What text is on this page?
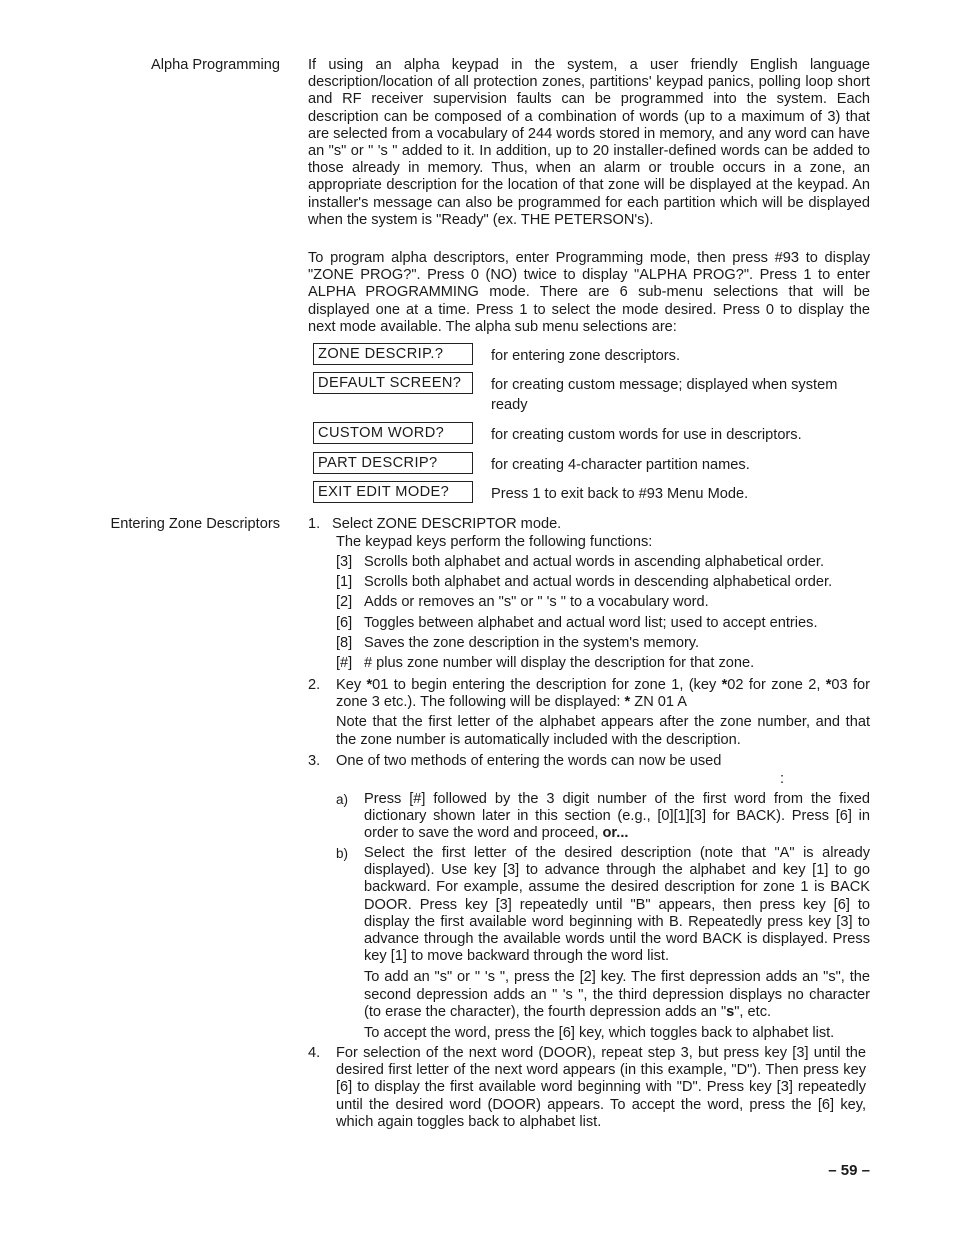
Alpha Programming
Entering Zone Descriptors

If using an alpha keypad in the system, a user friendly English language description/location of all protection zones, partitions' keypad panics, polling loop short and RF receiver supervision faults can be programmed into the system. Each description can be composed of a combination of words (up to a maximum of 3) that are selected from a vocabulary of 244 words stored in memory, and any word can have an "s" or " 's " added to it. In addition, up to 20 installer-defined words can be added to those already in memory. Thus, when an alarm or trouble occurs in a zone, an appropriate description for the location of that zone will be displayed at the keypad. An installer's message can also be programmed for each partition which will be displayed when the system is "Ready" (ex. THE PETERSON's).

To program alpha descriptors, enter Programming mode, then press #93 to display "ZONE PROG?". Press 0 (NO) twice to display "ALPHA PROG?". Press 1 to enter ALPHA PROGRAMMING mode. There are 6 sub-menu selections that will be displayed one at a time. Press 1 to select the mode desired. Press 0 to display the next mode available. The alpha sub menu selections are:

ZONE DESCRIP.?	for entering zone descriptors.
DEFAULT SCREEN?	for creating custom message; displayed when system ready
CUSTOM WORD?	for creating custom words for use in descriptors.
PART DESCRIP?	for creating 4-character partition names.
EXIT EDIT MODE?	Press 1 to exit back to #93 Menu Mode.
1. Select ZONE DESCRIPTOR mode.
The keypad keys perform the following functions:
[3] Scrolls both alphabet and actual words in ascending alphabetical order.
[1] Scrolls both alphabet and actual words in descending alphabetical order.
[2] Adds or removes an "s" or " 's " to a vocabulary word.
[6] Toggles between alphabet and actual word list; used to accept entries.
[8] Saves the zone description in the system's memory.
[#] # plus zone number will display the description for that zone.
2. Key *01 to begin entering the description for zone 1, (key *02 for zone 2, *03 for zone 3 etc.). The following will be displayed: * ZN 01 A
Note that the first letter of the alphabet appears after the zone number, and that the zone number is automatically included with the description.
3. One of two methods of entering the words can now be used
:
a) Press [#] followed by the 3 digit number of the first word from the fixed dictionary shown later in this section (e.g., [0][1][3] for BACK). Press [6] in order to save the word and proceed, or...
b) Select the first letter of the desired description (note that "A" is already displayed). Use key [3] to advance through the alphabet and key [1] to go backward. For example, assume the desired description for zone 1 is BACK DOOR. Press key [3] repeatedly until "B" appears, then press key [6] to display the first available word beginning with B. Repeatedly press key [3] to advance through the available words until the word BACK is displayed. Press key [1] to move backward through the word list.
To add an "s" or " 's ", press the [2] key. The first depression adds an "s", the second depression adds an " 's ", the third depression displays no character (to erase the character), the fourth depression adds an "s", etc.
To accept the word, press the [6] key, which toggles back to alphabet list.
4. For selection of the next word (DOOR), repeat step 3, but press key [3] until the desired first letter of the next word appears (in this example, "D"). Then press key [6] to display the first available word beginning with "D". Press key [3] repeatedly until the desired word (DOOR) appears. To accept the word, press the [6] key, which again toggles back to alphabet list.
– 59 –
